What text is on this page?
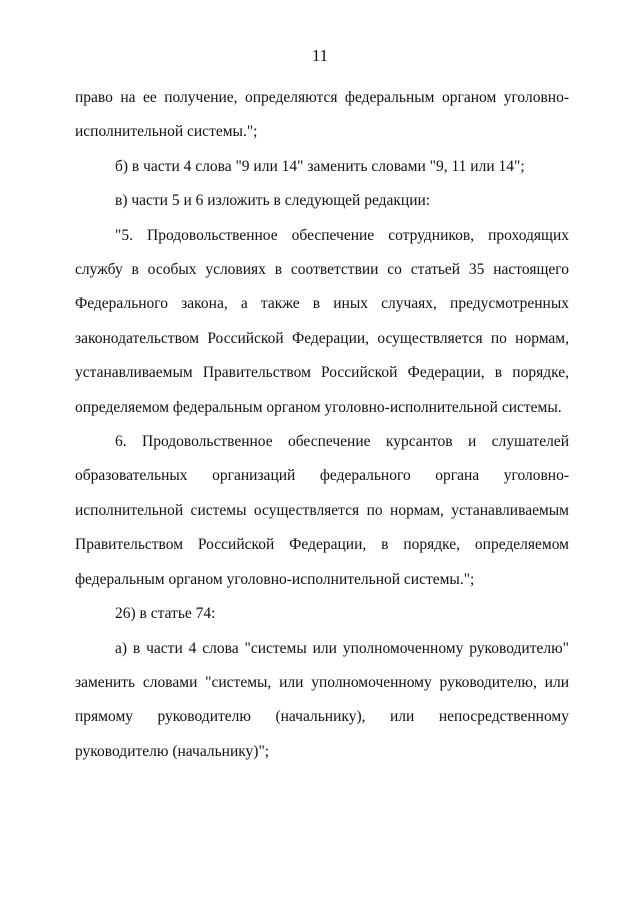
11

право на ее получение, определяются федеральным органом уголовно-исполнительной системы.";

б) в части 4 слова "9 или 14" заменить словами "9, 11 или 14";

в) части 5 и 6 изложить в следующей редакции:

"5. Продовольственное обеспечение сотрудников, проходящих службу в особых условиях в соответствии со статьей 35 настоящего Федерального закона, а также в иных случаях, предусмотренных законодательством Российской Федерации, осуществляется по нормам, устанавливаемым Правительством Российской Федерации, в порядке, определяемом федеральным органом уголовно-исполнительной системы.

6. Продовольственное обеспечение курсантов и слушателей образовательных организаций федерального органа уголовно-исполнительной системы осуществляется по нормам, устанавливаемым Правительством Российской Федерации, в порядке, определяемом федеральным органом уголовно-исполнительной системы.";

26) в статье 74:

а) в части 4 слова "системы или уполномоченному руководителю" заменить словами "системы, или уполномоченному руководителю, или прямому руководителю (начальнику), или непосредственному руководителю (начальнику)";
